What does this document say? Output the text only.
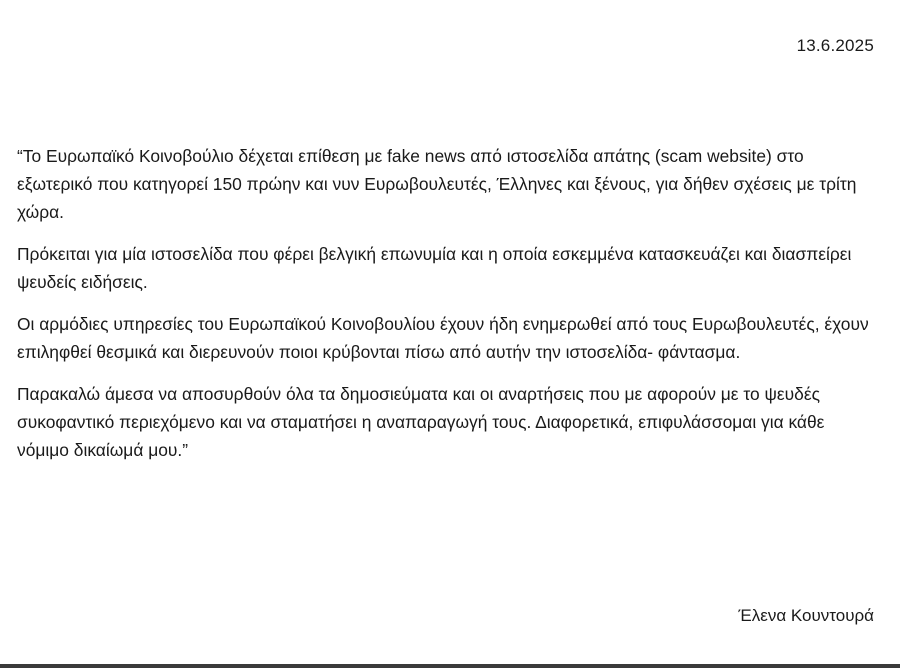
13.6.2025

“Το Ευρωπαϊκό Κοινοβούλιο δέχεται επίθεση με fake news από ιστοσελίδα απάτης (scam website) στο εξωτερικό που κατηγορεί 150 πρώην και νυν Ευρωβουλευτές, Έλληνες και ξένους, για δήθεν σχέσεις με τρίτη χώρα.

Πρόκειται για μία ιστοσελίδα που φέρει βελγική επωνυμία και η οποία εσκεμμένα κατασκευάζει και διασπείρει ψευδείς ειδήσεις.

Οι αρμόδιες υπηρεσίες του Ευρωπαϊκού Κοινοβουλίου έχουν ήδη ενημερωθεί από τους Ευρωβουλευτές, έχουν επιληφθεί θεσμικά και διερευνούν ποιοι κρύβονται πίσω από αυτήν την ιστοσελίδα- φάντασμα.

Παρακαλώ άμεσα να αποσυρθούν όλα τα δημοσιεύματα και οι αναρτήσεις που με αφορούν με το ψευδές συκοφαντικό περιεχόμενο και να σταματήσει η αναπαραγωγή τους. Διαφορετικά, επιφυλάσσομαι για κάθε νόμιμο δικαίωμά μου.”

Έλενα Κουντουρά
